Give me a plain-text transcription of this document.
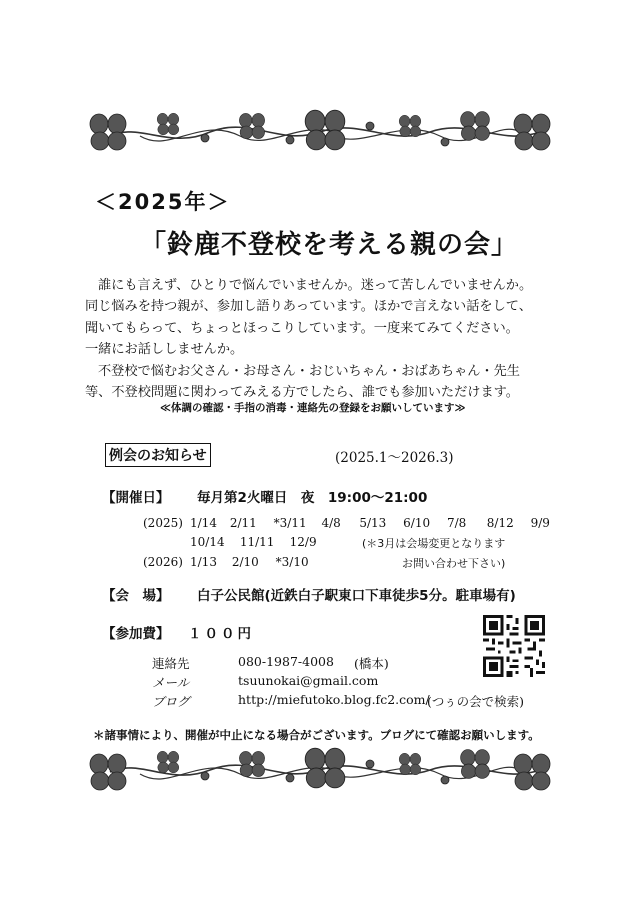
＜2025年＞
「鈴鹿不登校を考える親の会」
誰にも言えず、ひとりで悩んでいませんか。迷って苦しんでいませんか。
同じ悩みを持つ親が、参加し語りあっています。ほかで言えない話をして、
聞いてもらって、ちょっとほっこりしています。一度来てみてください。
一緒にお話ししませんか。
不登校で悩むお父さん・お母さん・おじいちゃん・おばあちゃん・先生
等、不登校問題に関わってみえる方でしたら、誰でも参加いただけます。
≪体調の確認・手指の消毒・連絡先の登録をお願いしています≫
例会のお知らせ	(2025.1～2026.3)
【開催日】 毎月第2火曜日　夜　19:00～21:00
(2025) 1/14 2/11 *3/11 4/8 5/13 6/10 7/8 8/12 9/9
10/14 11/11 12/9	(＊3月は会場変更となります
(2026) 1/13 2/10 *3/10	お問い合わせ下さい)
【会　場】 白子公民館(近鉄白子駅東口下車徒歩5分。駐車場有)
【参加費】 １００円
連絡先	080-1987-4008 (橋本)
メール	tsuunokai@gmail.com
ブログ	http://miefutoko.blog.fc2.com/
(つぅの会で検索)
＊諸事情により、開催が中止になる場合がございます。ブログにて確認お願いします。
